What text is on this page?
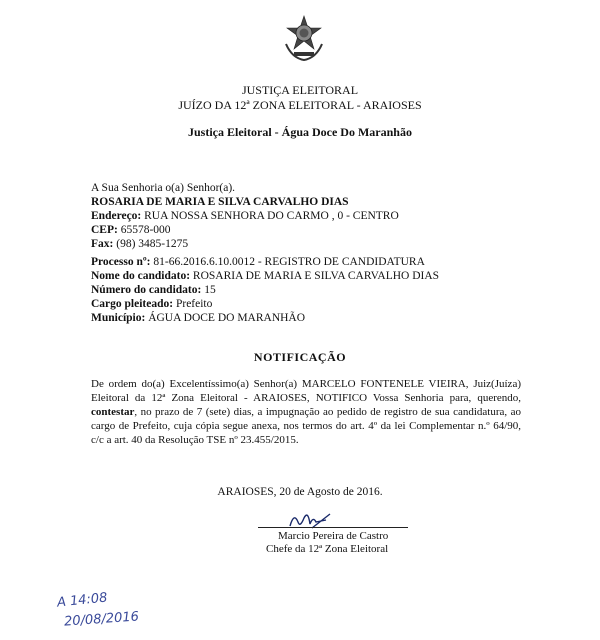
JUSTIÇA ELEITORAL
JUÍZO DA 12ª ZONA ELEITORAL - ARAIOSES
Justiça Eleitoral - Água Doce Do Maranhão
A Sua Senhoria o(a) Senhor(a).
ROSARIA DE MARIA E SILVA CARVALHO DIAS
Endereço: RUA NOSSA SENHORA DO CARMO , 0 - CENTRO
CEP: 65578-000
Fax: (98) 3485-1275
Processo nº: 81-66.2016.6.10.0012 - REGISTRO DE CANDIDATURA
Nome do candidato: ROSARIA DE MARIA E SILVA CARVALHO DIAS
Número do candidato: 15
Cargo pleiteado: Prefeito
Município: ÁGUA DOCE DO MARANHÃO
NOTIFICAÇÃO
De ordem do(a) Excelentíssimo(a) Senhor(a) MARCELO FONTENELE VIEIRA, Juiz(Juíza) Eleitoral da 12ª Zona Eleitoral - ARAIOSES, NOTIFICO Vossa Senhoria para, querendo, contestar, no prazo de 7 (sete) dias, a impugnação ao pedido de registro de sua candidatura, ao cargo de Prefeito, cuja cópia segue anexa, nos termos do art. 4º da lei Complementar n.º 64/90, c/c a art. 40 da Resolução TSE nº 23.455/2015.
ARAIOSES, 20 de Agosto de 2016.
Marcio Pereira de Castro
Chefe da 12ª Zona Eleitoral
A 14:08
20/08/2016
